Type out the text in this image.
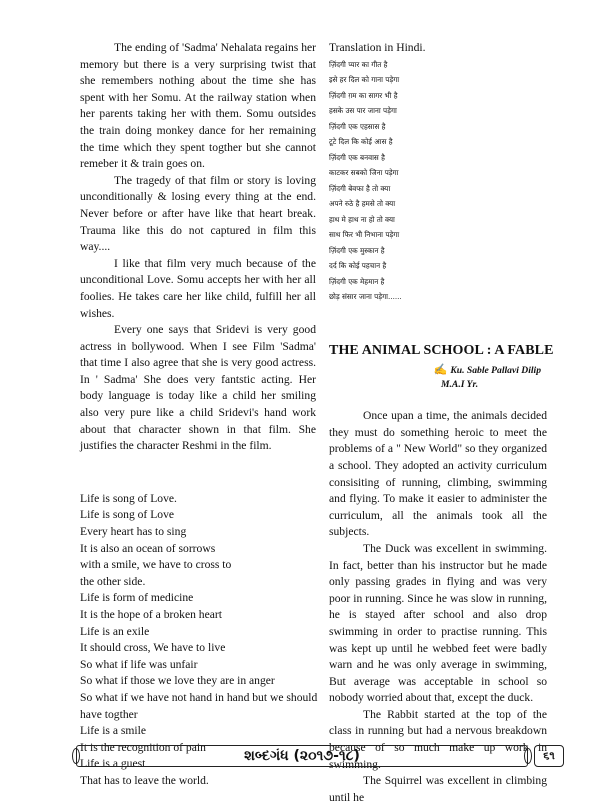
The ending of 'Sadma' Nehalata regains her memory but there is a very surprising twist that she remembers nothing about the time she has spent with her Somu. At the railway station when her parents taking her with them. Somu outsides the train doing monkey dance for her remaining the time which they spent togther but she cannot remeber it & train goes on.

The tragedy of that film or story is loving unconditionally & losing every thing at the end. Never before or after have like that heart break. Trauma like this do not captured in film this way....

I like that film very much because of the unconditional Love. Somu accepts her with her all foolies. He takes care her like child, fulfill her all wishes.

Every one says that Sridevi is very good actress in bollywood. When I see Film 'Sadma' that time I also agree that she is very good actress. In ' Sadma' She does very fantstic acting. Her body language is today like a child her smiling also very pure like a child Sridevi's hand work about that character shown in that film. She justifies the character Reshmi in the film.

Life is song of Love.

Life is song of Love

Every heart has to sing

It is also an ocean of sorrows

with a smile, we have to cross to

the other side.

Life is form of medicine

It is the hope of a broken heart

Life is an exile

It should cross, We have to live

So what if life was unfair

So what if those we love they are in anger

So what if we have not hand in hand but we should

have togther

Life is a smile

It is the recognition of pain

Life is a guest

That has to leave the world.

Translation in Hindi.

ज़िंदगी प्यार का गीत है

इसे हर दिल को गाना पड़ेगा

ज़िंदगी ग़म का सागर भी है

हसके उस पार जाना पड़ेगा

ज़िंदगी एक एहसास है

टूटे दिल कि कोई आस है

ज़िंदगी एक बनवास है

काटकर सबको जिना पड़ेगा

ज़िंदगी बेवफा है तो क्या

अपने रुठे है हमसे तो क्या

हाथ मे हाथ ना हो तो क्या

साथ फिर भी निभाना पड़ेगा

ज़िंदगी एक मुस्कान है

दर्द कि कोई पहचान है

ज़िंदगी एक मेहमान है

छोड़ संसार जाना पड़ेगा......

THE ANIMAL SCHOOL : A FABLE

✍ Ku. Sable Pallavi Dilip

M.A.I Yr.

Once upan a time, the animals decided they must do something heroic to meet the problems of a " New World" so they organized a school. They adopted an activity curriculum consisiting of running, climbing, swimming and flying. To make it easier to administer the curriculum, all the animals took all the subjects.

The Duck was excellent in swimming. In fact, better than his instructor but he made only passing grades in flying and was very poor in running. Since he was slow in running, he is stayed after school and also drop swimming in order to practise running. This was kept up until he webbed feet were badly warn and he was only average in swimming, But average was acceptable in school so nobody worried about that, except the duck.

The Rabbit started at the top of the class in running but had a nervous breakdown because of so much make up work in swimming.

The Squirrel was excellent in climbing until he

શબ્દગંધ (૨૦૧૭-૧૮)	૬૧
